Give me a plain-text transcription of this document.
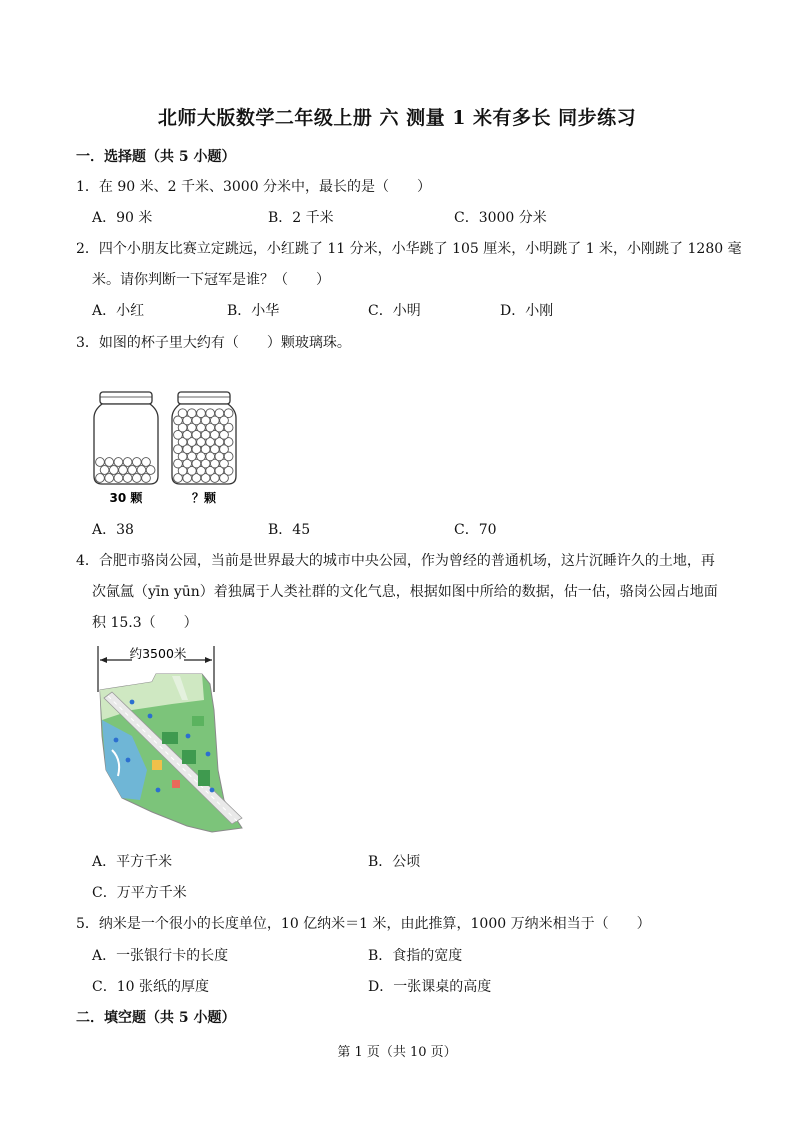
北师大版数学二年级上册 六 测量 1 米有多长 同步练习
一．选择题（共 5 小题）
1．在 90 米、2 千米、3000 分米中，最长的是（　　）
A．90 米	B．2 千米	C．3000 分米
2．四个小朋友比赛立定跳远，小红跳了 11 分米，小华跳了 105 厘米，小明跳了 1 米，小刚跳了 1280 毫
米。请你判断一下冠军是谁？（　　）
A．小红	B．小华	C．小明	D．小刚
3．如图的杯子里大约有（　　）颗玻璃珠。
30 颗	？颗
A．38	B．45	C．70
4．合肥市骆岗公园，当前是世界最大的城市中央公园，作为曾经的普通机场，这片沉睡许久的土地，再
次氤氲（yīn yūn）着独属于人类社群的文化气息，根据如图中所给的数据，估一估，骆岗公园占地面
积 15.3（　　）
约3500米
A．平方千米	B．公顷
C．万平方千米
5．纳米是一个很小的长度单位，10 亿纳米＝1 米，由此推算，1000 万纳米相当于（　　）
A．一张银行卡的长度	B．食指的宽度
C．10 张纸的厚度	D．一张课桌的高度
二．填空题（共 5 小题）
第 1 页（共 10 页）
